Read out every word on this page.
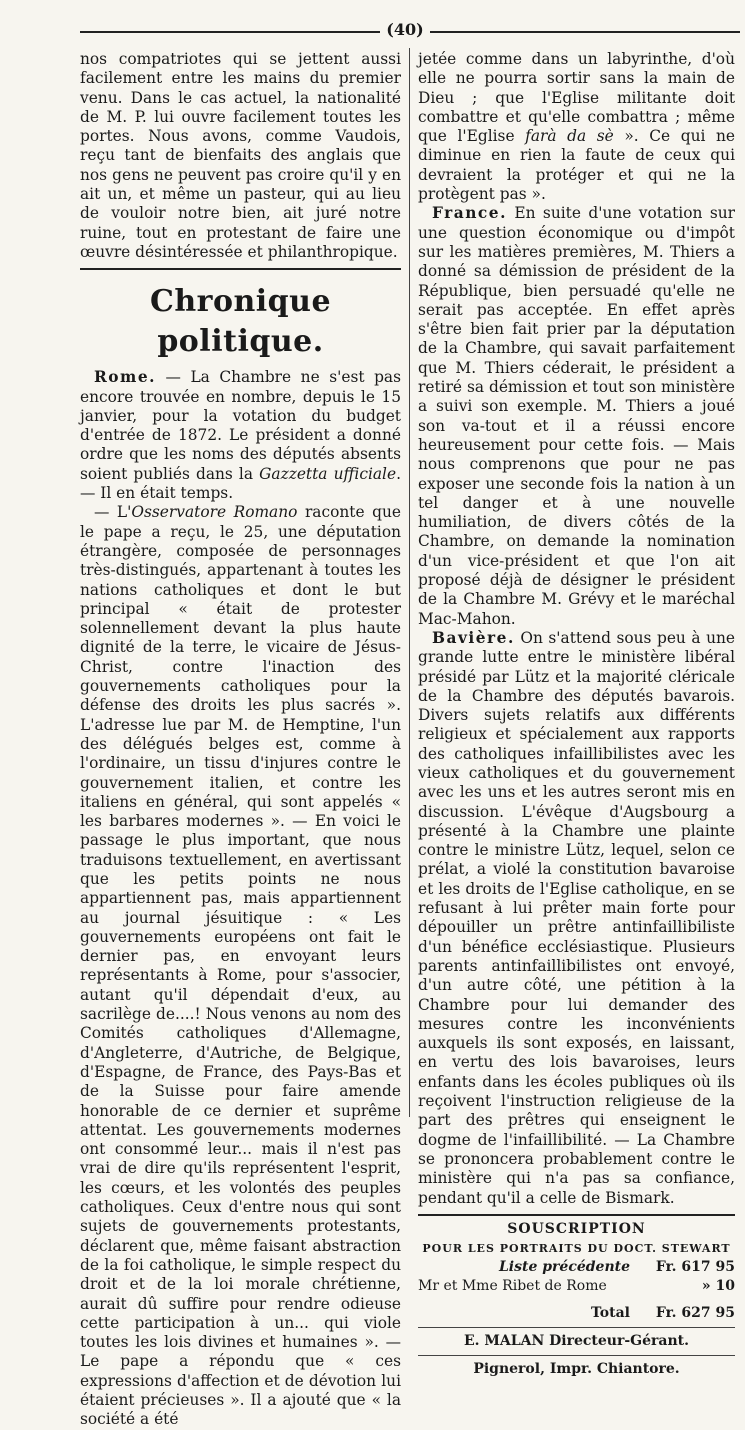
(40)

nos compatriotes qui se jettent aussi facilement entre les mains du premier venu. Dans le cas actuel, la nationalité de M. P. lui ouvre facilement toutes les portes. Nous avons, comme Vaudois, reçu tant de bienfaits des anglais que nos gens ne peuvent pas croire qu'il y en ait un, et même un pasteur, qui au lieu de vouloir notre bien, ait juré notre ruine, tout en protestant de faire une œuvre désintéressée et philanthropique.

Chronique politique.

Rome. — La Chambre ne s'est pas encore trouvée en nombre, depuis le 15 janvier, pour la votation du budget d'entrée de 1872. Le président a donné ordre que les noms des députés absents soient publiés dans la Gazzetta ufficiale. — Il en était temps.

— L'Osservatore Romano raconte que le pape a reçu, le 25, une députation étrangère, composée de personnages très-distingués, appartenant à toutes les nations catholiques et dont le but principal « était de protester solennellement devant la plus haute dignité de la terre, le vicaire de Jésus-Christ, contre l'inaction des gouvernements catholiques pour la défense des droits les plus sacrés ». L'adresse lue par M. de Hemptine, l'un des délégués belges est, comme à l'ordinaire, un tissu d'injures contre le gouvernement italien, et contre les italiens en général, qui sont appelés « les barbares modernes ». — En voici le passage le plus important, que nous traduisons textuellement, en avertissant que les petits points ne nous appartiennent pas, mais appartiennent au journal jésuitique : « Les gouvernements européens ont fait le dernier pas, en envoyant leurs représentants à Rome, pour s'associer, autant qu'il dépendait d'eux, au sacrilège de....! Nous venons au nom des Comités catholiques d'Allemagne, d'Angleterre, d'Autriche, de Belgique, d'Espagne, de France, des Pays-Bas et de la Suisse pour faire amende honorable de ce dernier et suprême attentat. Les gouvernements modernes ont consommé leur... mais il n'est pas vrai de dire qu'ils représentent l'esprit, les cœurs, et les volontés des peuples catholiques. Ceux d'entre nous qui sont sujets de gouvernements protestants, déclarent que, même faisant abstraction de la foi catholique, le simple respect du droit et de la loi morale chrétienne, aurait dû suffire pour rendre odieuse cette participation à un... qui viole toutes les lois divines et humaines ». — Le pape a répondu que « ces expressions d'affection et de dévotion lui étaient précieuses ». Il a ajouté que « la société a été

jetée comme dans un labyrinthe, d'où elle ne pourra sortir sans la main de Dieu ; que l'Eglise militante doit combattre et qu'elle combattra ; même que l'Eglise farà da sè ». Ce qui ne diminue en rien la faute de ceux qui devraient la protéger et qui ne la protègent pas ».

France. En suite d'une votation sur une question économique ou d'impôt sur les matières premières, M. Thiers a donné sa démission de président de la République, bien persuadé qu'elle ne serait pas acceptée. En effet après s'être bien fait prier par la députation de la Chambre, qui savait parfaitement que M. Thiers céderait, le président a retiré sa démission et tout son ministère a suivi son exemple. M. Thiers a joué son va-tout et il a réussi encore heureusement pour cette fois. — Mais nous comprenons que pour ne pas exposer une seconde fois la nation à un tel danger et à une nouvelle humiliation, de divers côtés de la Chambre, on demande la nomination d'un vice-président et que l'on ait proposé déjà de désigner le président de la Chambre M. Grévy et le maréchal Mac-Mahon.

Bavière. On s'attend sous peu à une grande lutte entre le ministère libéral présidé par Lütz et la majorité cléricale de la Chambre des députés bavarois. Divers sujets relatifs aux différents religieux et spécialement aux rapports des catholiques infaillibilistes avec les vieux catholiques et du gouvernement avec les uns et les autres seront mis en discussion. L'évêque d'Augsbourg a présenté à la Chambre une plainte contre le ministre Lütz, lequel, selon ce prélat, a violé la constitution bavaroise et les droits de l'Eglise catholique, en se refusant à lui prêter main forte pour dépouiller un prêtre antinfaillibiliste d'un bénéfice ecclésiastique. Plusieurs parents antinfaillibilistes ont envoyé, d'un autre côté, une pétition à la Chambre pour lui demander des mesures contre les inconvénients auxquels ils sont exposés, en laissant, en vertu des lois bavaroises, leurs enfants dans les écoles publiques où ils reçoivent l'instruction religieuse de la part des prêtres qui enseignent le dogme de l'infaillibilité. — La Chambre se prononcera probablement contre le ministère qui n'a pas sa confiance, pendant qu'il a celle de Bismark.

SOUSCRIPTION
POUR LES PORTRAITS DU DOCT. STEWART
Liste précédente	Fr. 617 95
Mr et Mme Ribet de Rome	» 10
Total	Fr. 627 95
E. MALAN Directeur-Gérant.
Pignerol, Impr. Chiantore.
